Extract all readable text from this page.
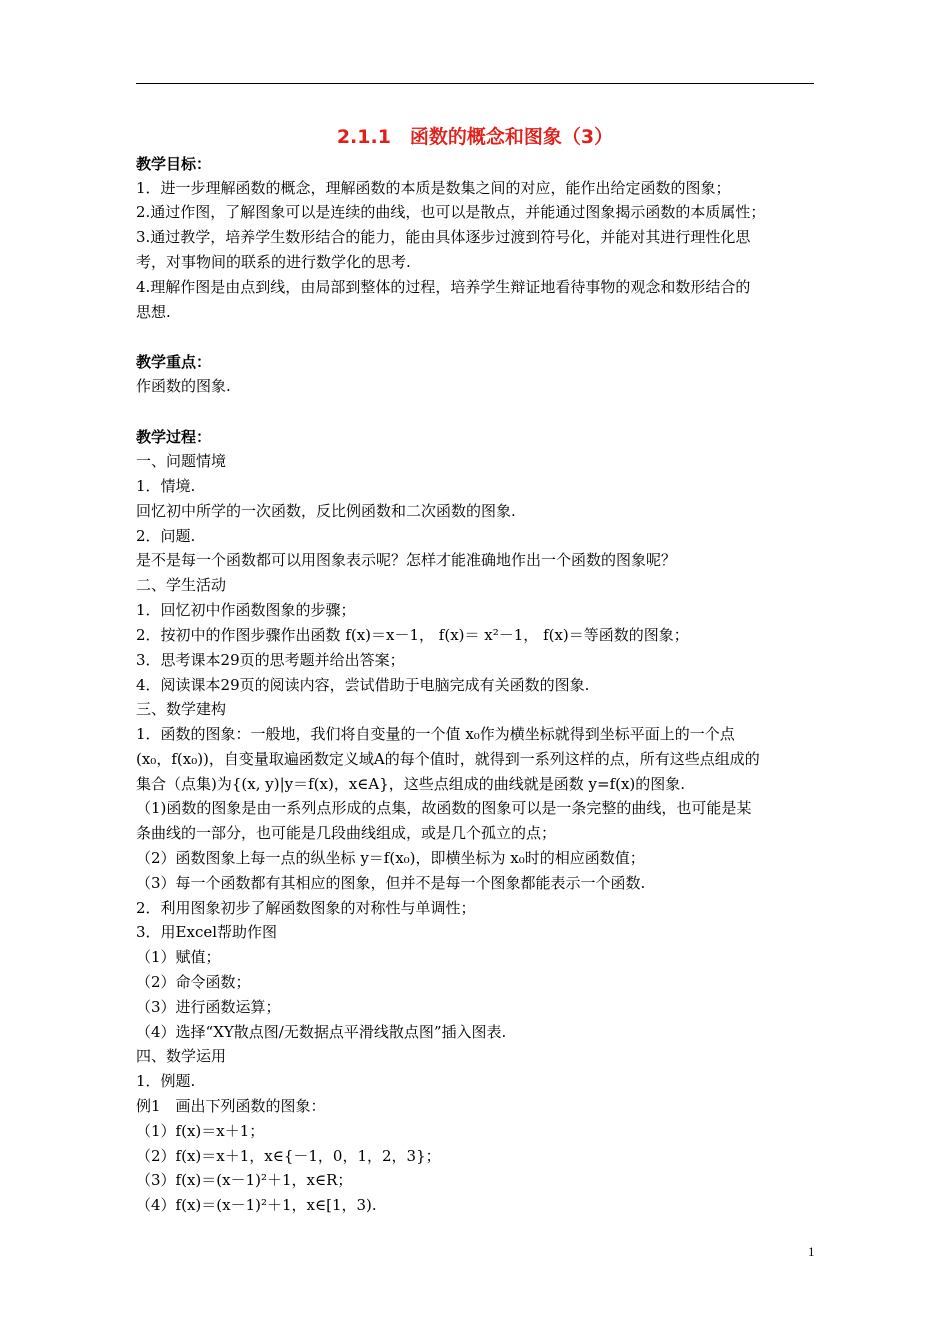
2.1.1　函数的概念和图象（3）
教学目标：
1．进一步理解函数的概念，理解函数的本质是数集之间的对应，能作出给定函数的图象；
2.通过作图，了解图象可以是连续的曲线，也可以是散点，并能通过图象揭示函数的本质属性；
3.通过教学，培养学生数形结合的能力，能由具体逐步过渡到符号化，并能对其进行理性化思
考，对事物间的联系的进行数学化的思考.
4.理解作图是由点到线，由局部到整体的过程，培养学生辩证地看待事物的观念和数形结合的
思想.
教学重点：
作函数的图象.
教学过程：
一、问题情境
1．情境.
回忆初中所学的一次函数，反比例函数和二次函数的图象.
2．问题.
是不是每一个函数都可以用图象表示呢？怎样才能准确地作出一个函数的图象呢？
二、学生活动
1．回忆初中作函数图象的步骤；
2．按初中的作图步骤作出函数 f(x)＝x－1， f(x)＝ x²－1， f(x)＝等函数的图象；
3．思考课本29页的思考题并给出答案；
4．阅读课本29页的阅读内容，尝试借助于电脑完成有关函数的图象.
三、数学建构
1．函数的图象：一般地，我们将自变量的一个值 x₀作为横坐标就得到坐标平面上的一个点
(x₀，f(x₀))，自变量取遍函数定义域A的每个值时，就得到一系列这样的点，所有这些点组成的
集合（点集)为{(x, y)|y＝f(x)，x∈A}，这些点组成的曲线就是函数 y=f(x)的图象.
（1)函数的图象是由一系列点形成的点集，故函数的图象可以是一条完整的曲线，也可能是某
条曲线的一部分，也可能是几段曲线组成，或是几个孤立的点；
（2）函数图象上每一点的纵坐标 y＝f(x₀)，即横坐标为 x₀时的相应函数值；
（3）每一个函数都有其相应的图象，但并不是每一个图象都能表示一个函数.
2．利用图象初步了解函数图象的对称性与单调性；
3．用Excel帮助作图
（1）赋值；
（2）命令函数；
（3）进行函数运算；
（4）选择“XY散点图/无数据点平滑线散点图”插入图表.
四、数学运用
1．例题.
例1　画出下列函数的图象：
（1）f(x)＝x＋1；
（2）f(x)＝x＋1，x∈{－1，0，1，2，3}；
（3）f(x)＝(x－1)²＋1，x∈R；
（4）f(x)＝(x－1)²＋1，x∈[1，3).
1
